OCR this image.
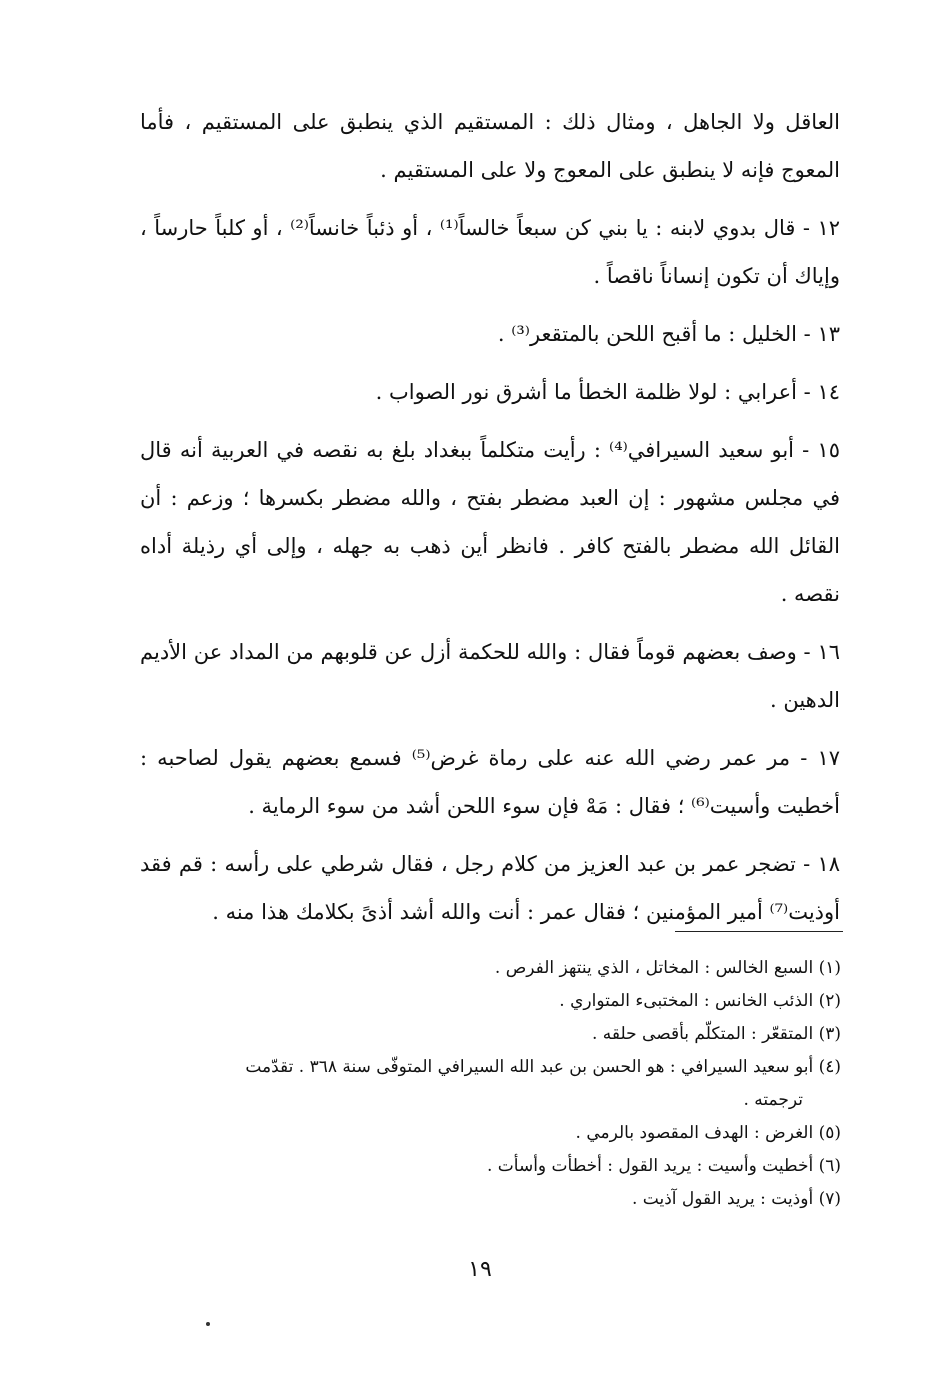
العاقل ولا الجاهل ، ومثال ذلك : المستقيم الذي ينطبق على المستقيم ، فأما المعوج فإنه لا ينطبق على المعوج ولا على المستقيم .

١٢ - قال بدوي لابنه : يا بني كن سبعاً خالساً⁽¹⁾ ، أو ذئباً خانساً⁽²⁾ ، أو كلباً حارساً ، وإياك أن تكون إنساناً ناقصاً .

١٣ - الخليل : ما أقبح اللحن بالمتقعر⁽³⁾ .

١٤ - أعرابي : لولا ظلمة الخطأ ما أشرق نور الصواب .

١٥ - أبو سعيد السيرافي⁽⁴⁾ : رأيت متكلماً ببغداد بلغ به نقصه في العربية أنه قال في مجلس مشهور : إن العبد مضطر بفتح ، والله مضطر بكسرها ؛ وزعم : أن القائل الله مضطر بالفتح كافر . فانظر أين ذهب به جهله ، وإلى أي رذيلة أداه نقصه .

١٦ - وصف بعضهم قوماً فقال : والله للحكمة أزل عن قلوبهم من المداد عن الأديم الدهين .

١٧ - مر عمر رضي الله عنه على رماة غرض⁽⁵⁾ فسمع بعضهم يقول لصاحبه : أخطيت وأسيت⁽⁶⁾ ؛ فقال : مَهْ فإن سوء اللحن أشد من سوء الرماية .

١٨ - تضجر عمر بن عبد العزيز من كلام رجل ، فقال شرطي على رأسه : قم فقد أوذيت⁽⁷⁾ أمير المؤمنين ؛ فقال عمر : أنت والله أشد أذىً بكلامك هذا منه .

(١) السبع الخالس : المخاتل ، الذي ينتهز الفرص .

(٢) الذئب الخانس : المختبىء المتواري .

(٣) المتقعّر : المتكلّم بأقصى حلقه .

(٤) أبو سعيد السيرافي : هو الحسن بن عبد الله السيرافي المتوفّى سنة ٣٦٨ . تقدّمت
ترجمته .

(٥) الغرض : الهدف المقصود بالرمي .

(٦) أخطيت وأسيت : يريد القول : أخطأت وأسأت .

(٧) أوذيت : يريد القول آذيت .

١٩
